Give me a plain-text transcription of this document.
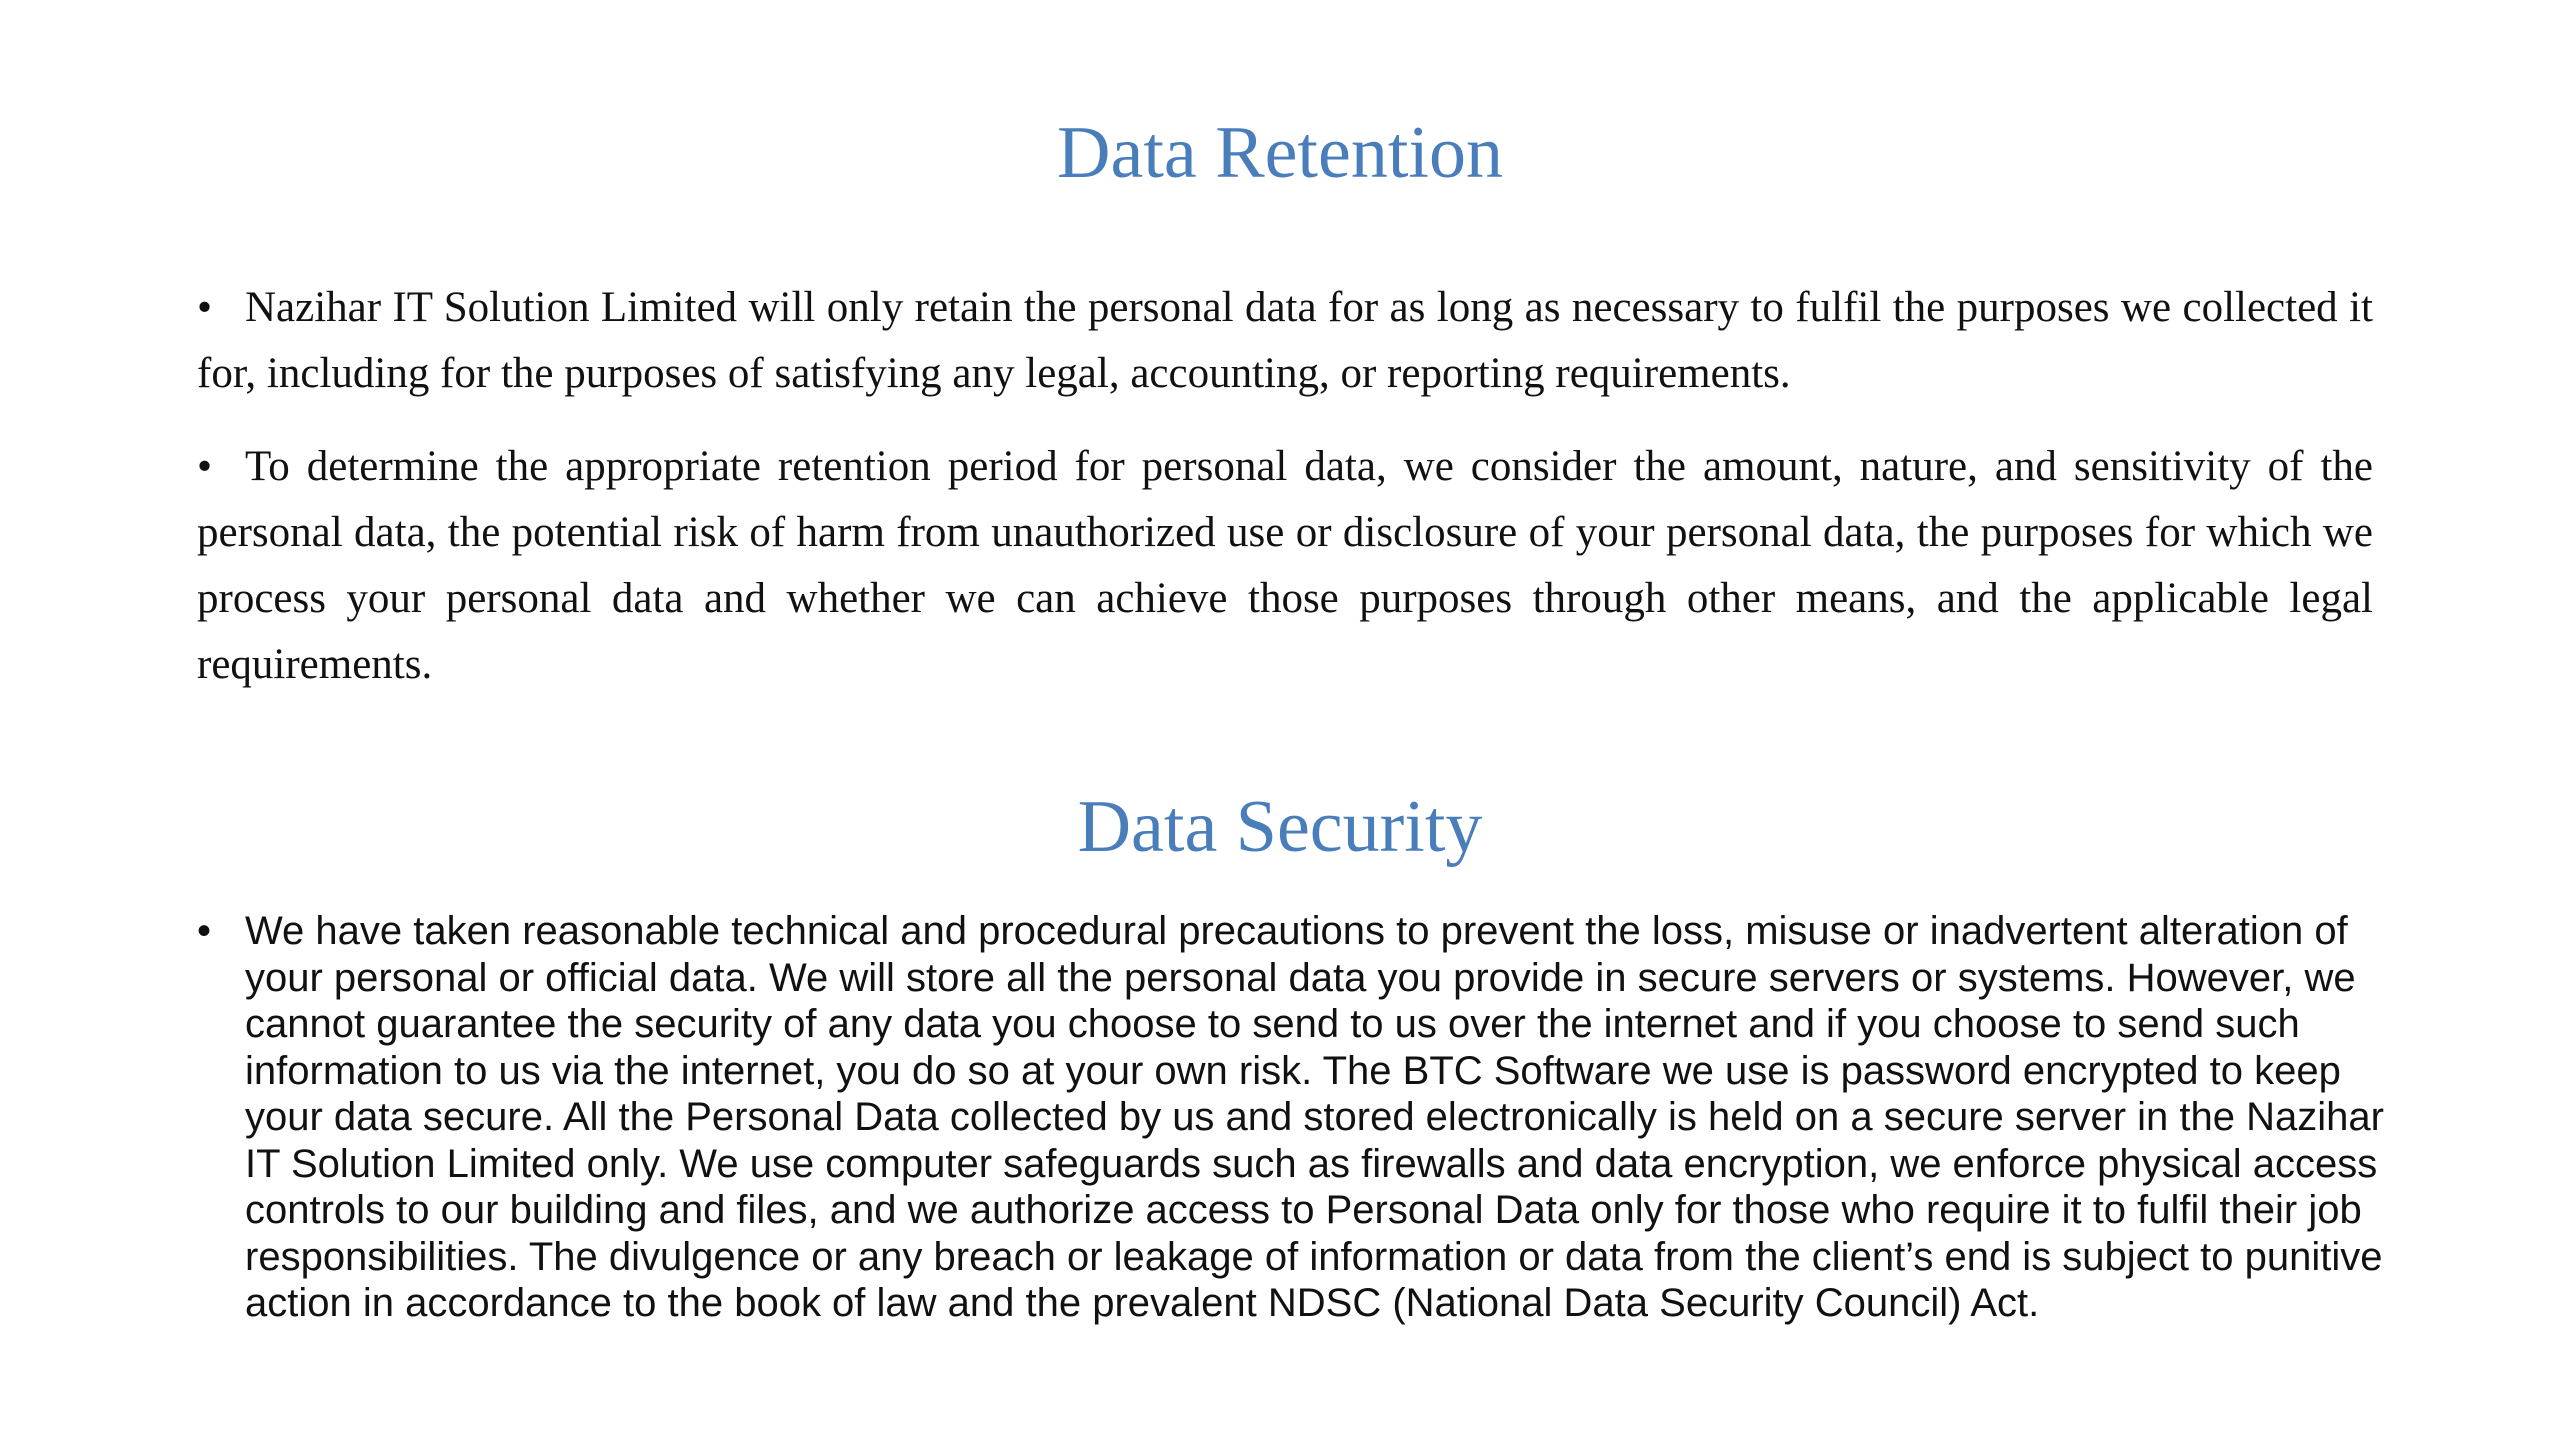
Data Retention
• Nazihar IT Solution Limited will only retain the personal data for as long as necessary to fulfil the purposes we collected it for, including for the purposes of satisfying any legal, accounting, or reporting requirements.
• To determine the appropriate retention period for personal data, we consider the amount, nature, and sensitivity of the personal data, the potential risk of harm from unauthorized use or disclosure of your personal data, the purposes for which we process your personal data and whether we can achieve those purposes through other means, and the applicable legal requirements.
Data Security
• We have taken reasonable technical and procedural precautions to prevent the loss, misuse or inadvertent alteration of your personal or official data. We will store all the personal data you provide in secure servers or systems. However, we cannot guarantee the security of any data you choose to send to us over the internet and if you choose to send such information to us via the internet, you do so at your own risk. The BTC Software we use is password encrypted to keep your data secure. All the Personal Data collected by us and stored electronically is held on a secure server in the Nazihar IT Solution Limited only. We use computer safeguards such as firewalls and data encryption, we enforce physical access controls to our building and files, and we authorize access to Personal Data only for those who require it to fulfil their job responsibilities. The divulgence or any breach or leakage of information or data from the client’s end is subject to punitive action in accordance to the book of law and the prevalent NDSC (National Data Security Council) Act.
